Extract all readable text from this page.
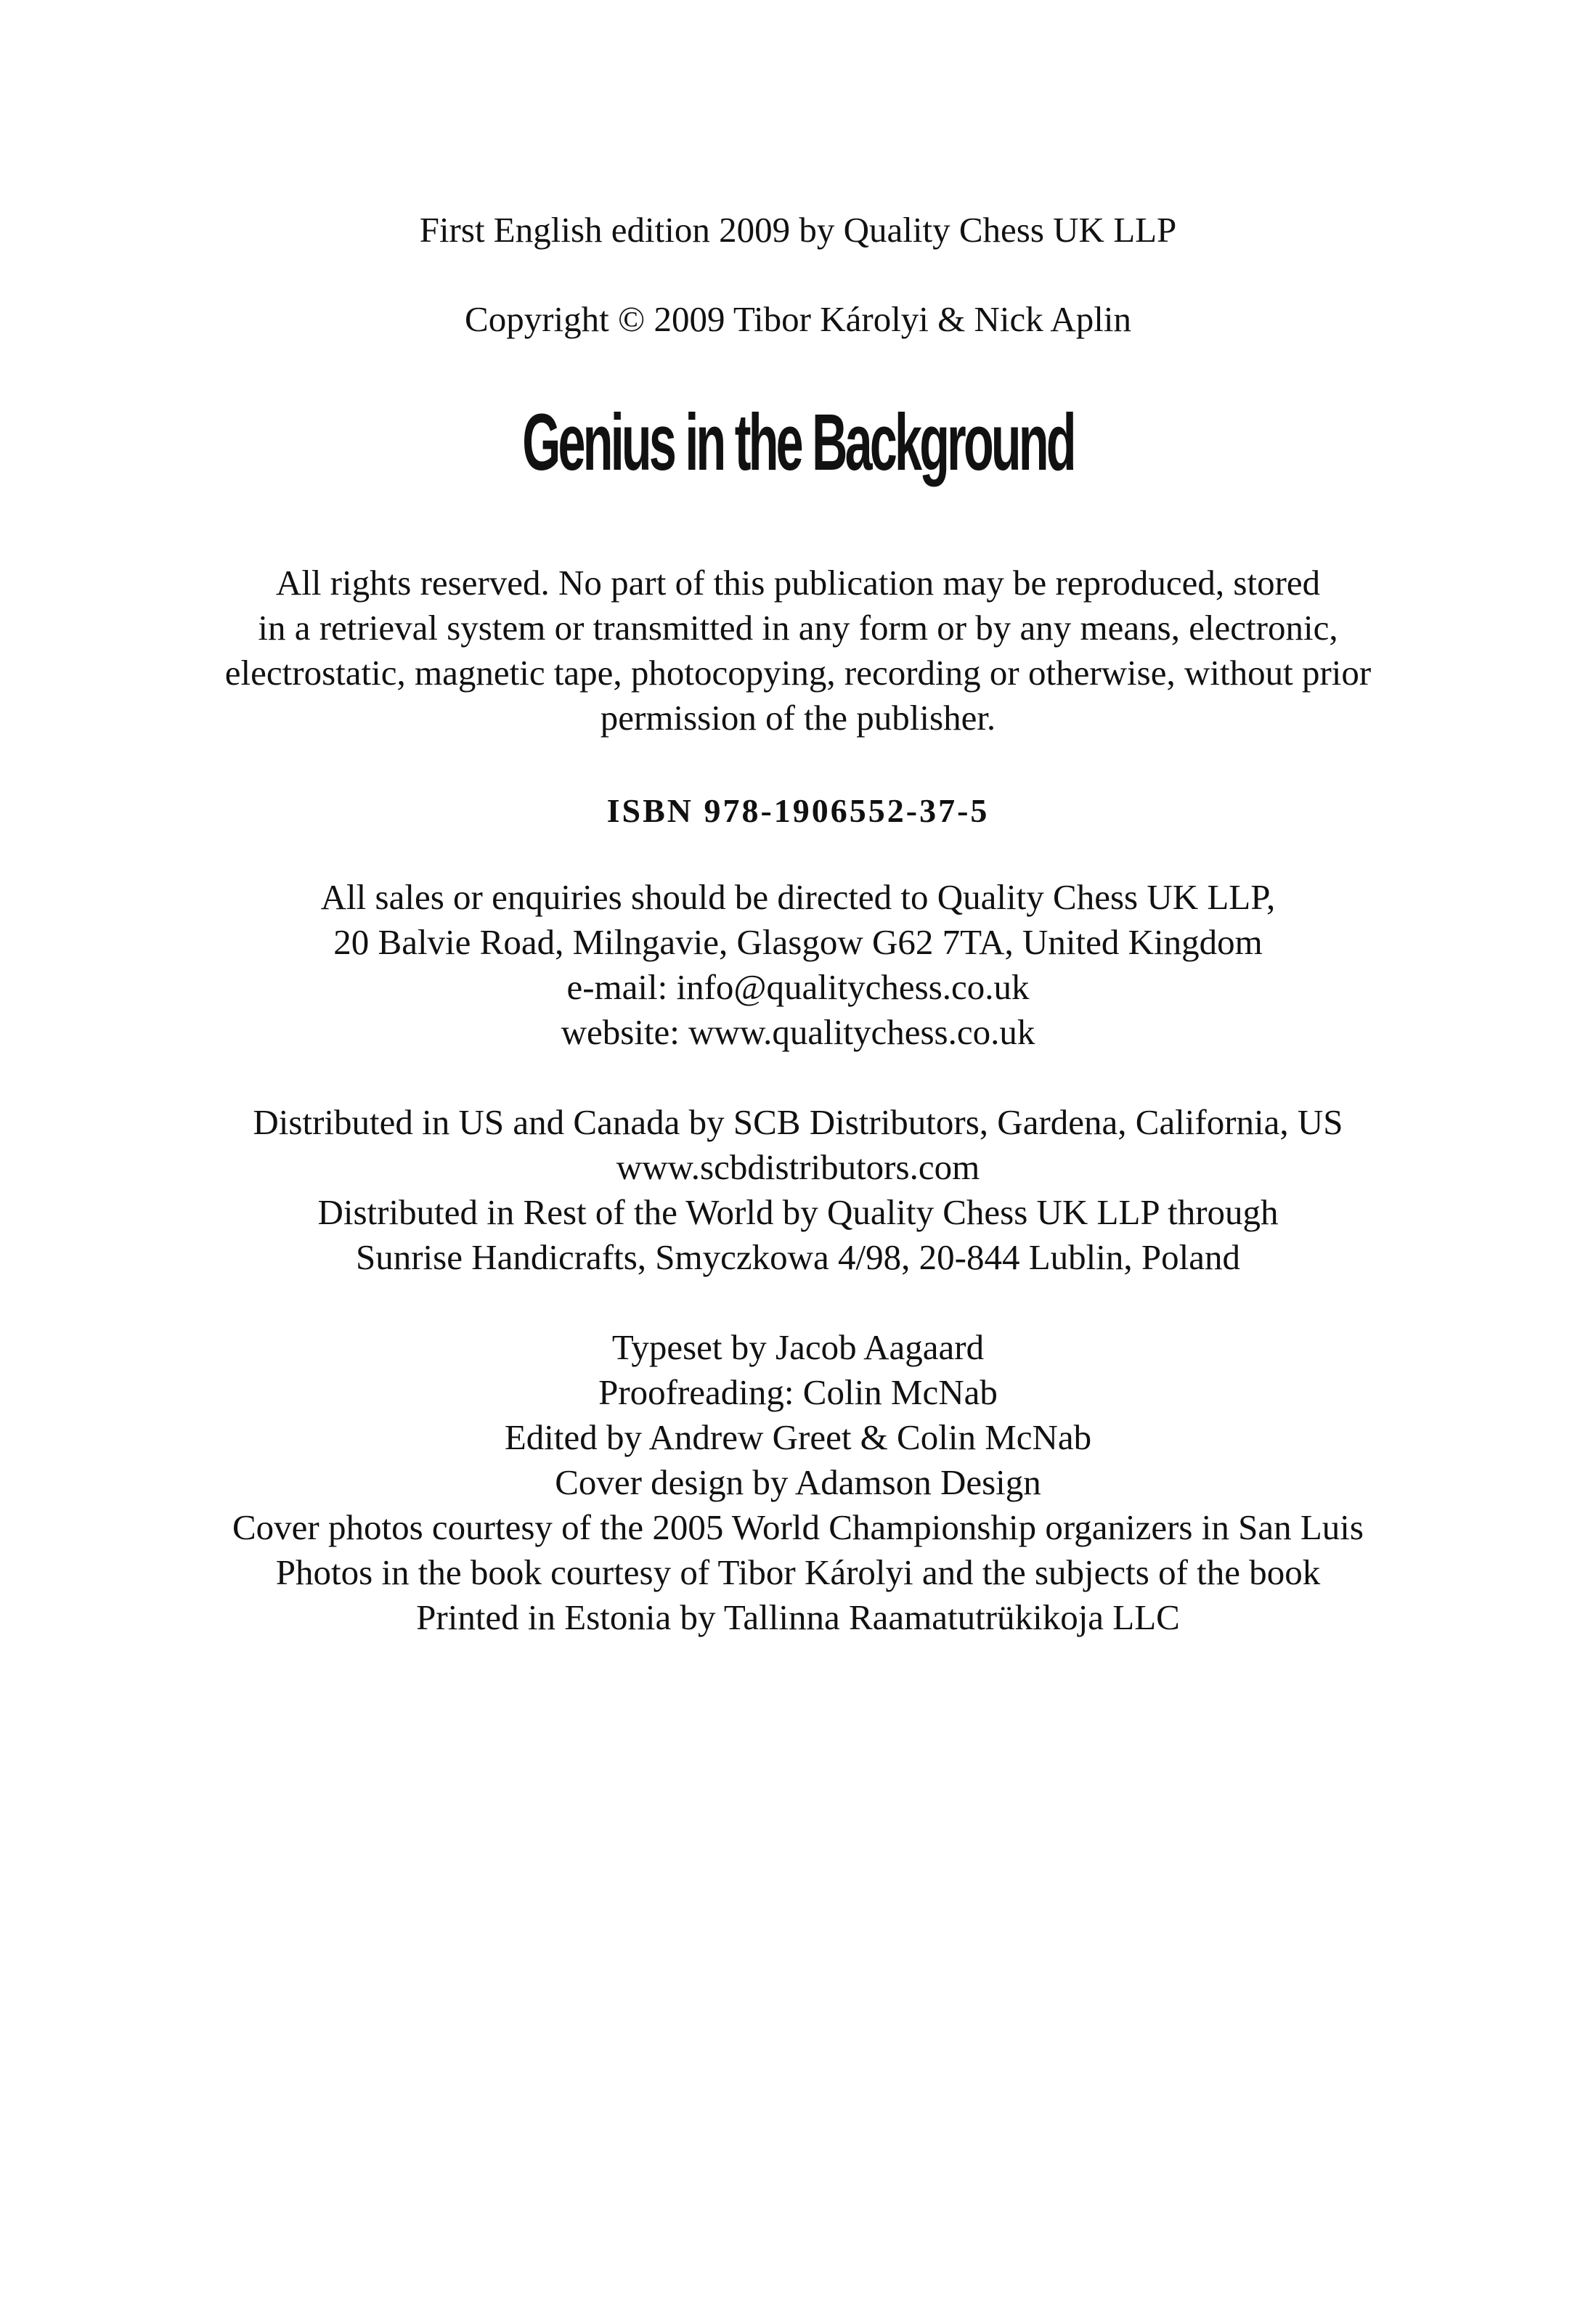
First English edition 2009 by Quality Chess UK LLP
Copyright © 2009 Tibor Károlyi & Nick Aplin
Genius in the Background
All rights reserved. No part of this publication may be reproduced, stored
in a retrieval system or transmitted in any form or by any means, electronic,
electrostatic, magnetic tape, photocopying, recording or otherwise, without prior
permission of the publisher.
ISBN 978-1906552-37-5
All sales or enquiries should be directed to Quality Chess UK LLP,
20 Balvie Road, Milngavie, Glasgow G62 7TA, United Kingdom
e-mail: info@qualitychess.co.uk
website: www.qualitychess.co.uk
Distributed in US and Canada by SCB Distributors, Gardena, California, US
www.scbdistributors.com
Distributed in Rest of the World by Quality Chess UK LLP through
Sunrise Handicrafts, Smyczkowa 4/98, 20-844 Lublin, Poland
Typeset by Jacob Aagaard
Proofreading: Colin McNab
Edited by Andrew Greet & Colin McNab
Cover design by Adamson Design
Cover photos courtesy of the 2005 World Championship organizers in San Luis
Photos in the book courtesy of Tibor Károlyi and the subjects of the book
Printed in Estonia by Tallinna Raamatutrükikoja LLC
